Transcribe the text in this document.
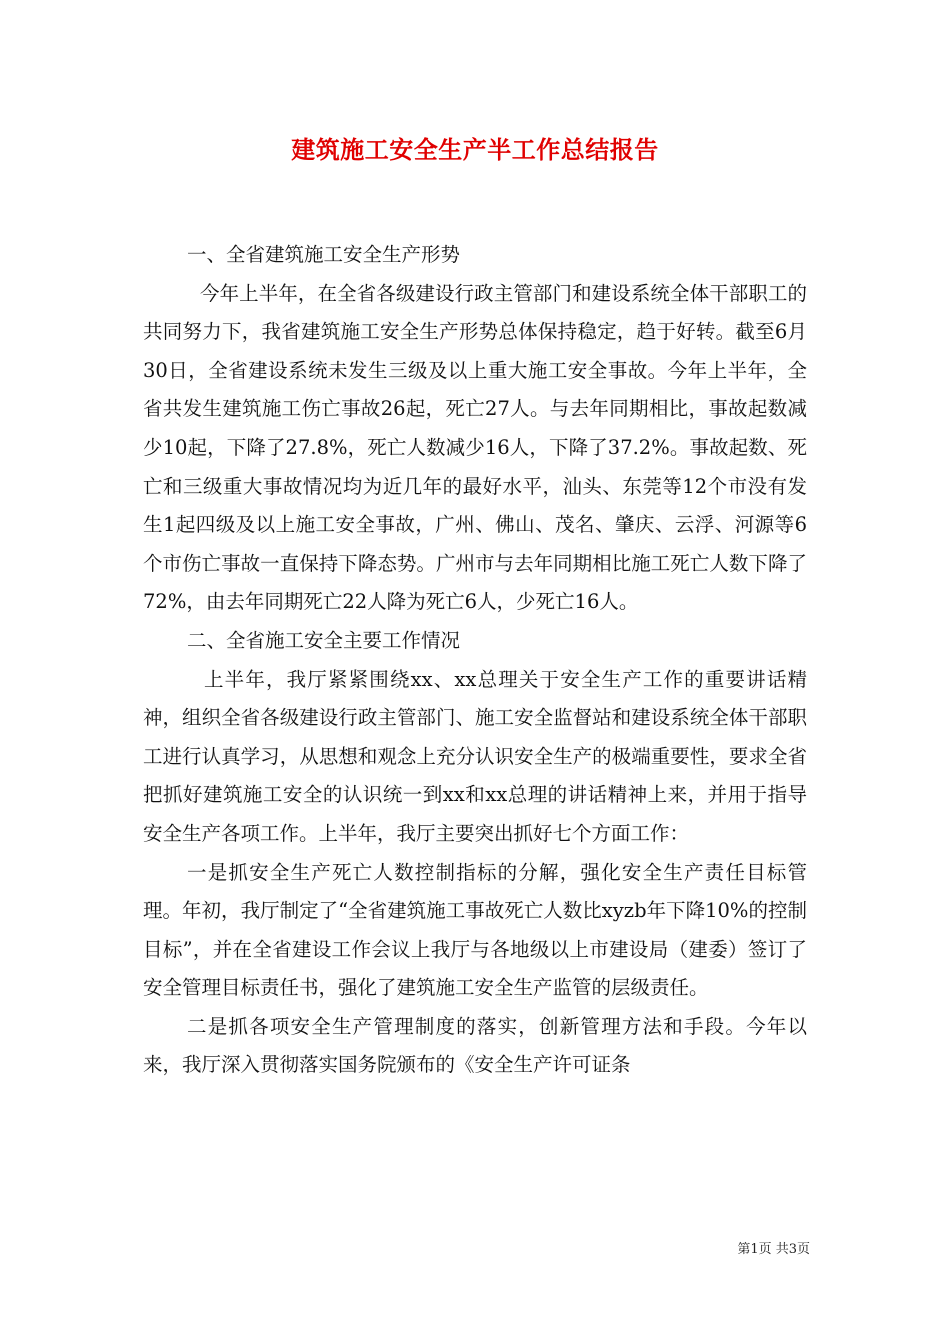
建筑施工安全生产半工作总结报告

一、全省建筑施工安全生产形势

今年上半年，在全省各级建设行政主管部门和建设系统全体干部职工的共同努力下，我省建筑施工安全生产形势总体保持稳定，趋于好转。截至6月30日，全省建设系统未发生三级及以上重大施工安全事故。今年上半年，全省共发生建筑施工伤亡事故26起，死亡27人。与去年同期相比，事故起数减少10起，下降了27.8%，死亡人数减少16人，下降了37.2%。事故起数、死亡和三级重大事故情况均为近几年的最好水平，汕头、东莞等12个市没有发生1起四级及以上施工安全事故，广州、佛山、茂名、肇庆、云浮、河源等6个市伤亡事故一直保持下降态势。广州市与去年同期相比施工死亡人数下降了72%，由去年同期死亡22人降为死亡6人，少死亡16人。

二、全省施工安全主要工作情况

上半年，我厅紧紧围绕xx、xx总理关于安全生产工作的重要讲话精神，组织全省各级建设行政主管部门、施工安全监督站和建设系统全体干部职工进行认真学习，从思想和观念上充分认识安全生产的极端重要性，要求全省把抓好建筑施工安全的认识统一到xx和xx总理的讲话精神上来，并用于指导安全生产各项工作。上半年，我厅主要突出抓好七个方面工作：

一是抓安全生产死亡人数控制指标的分解，强化安全生产责任目标管理。年初，我厅制定了“全省建筑施工事故死亡人数比xyzb年下降10%的控制目标”，并在全省建设工作会议上我厅与各地级以上市建设局（建委）签订了安全管理目标责任书，强化了建筑施工安全生产监管的层级责任。

二是抓各项安全生产管理制度的落实，创新管理方法和手段。今年以来，我厅深入贯彻落实国务院颁布的《安全生产许可证条

第1页 共3页
